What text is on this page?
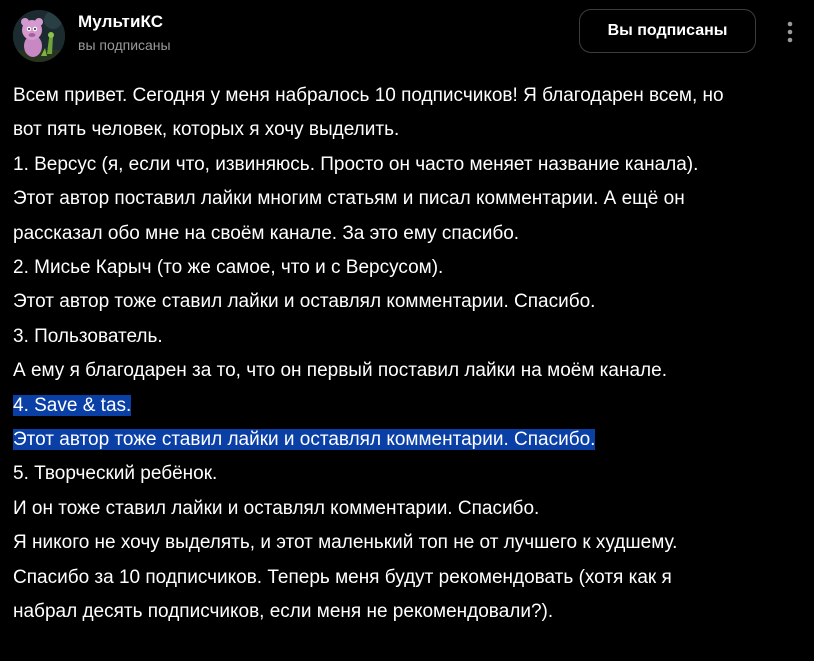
МультиКС
вы подписаны
Вы подписаны
Всем привет. Сегодня у меня набралось 10 подписчиков! Я благодарен всем, но
вот пять человек, которых я хочу выделить.
1. Версус (я, если что, извиняюсь. Просто он часто меняет название канала).
Этот автор поставил лайки многим статьям и писал комментарии. А ещё он
рассказал обо мне на своём канале. За это ему спасибо.
2. Мисье Карыч (то же самое, что и с Версусом).
Этот автор тоже ставил лайки и оставлял комментарии. Спасибо.
3. Пользователь.
А ему я благодарен за то, что он первый поставил лайки на моём канале.
4. Save & tas.
Этот автор тоже ставил лайки и оставлял комментарии. Спасибо.
5. Творческий ребёнок.
И он тоже ставил лайки и оставлял комментарии. Спасибо.
Я никого не хочу выделять, и этот маленький топ не от лучшего к худшему.
Спасибо за 10 подписчиков. Теперь меня будут рекомендовать (хотя как я
набрал десять подписчиков, если меня не рекомендовали?).
